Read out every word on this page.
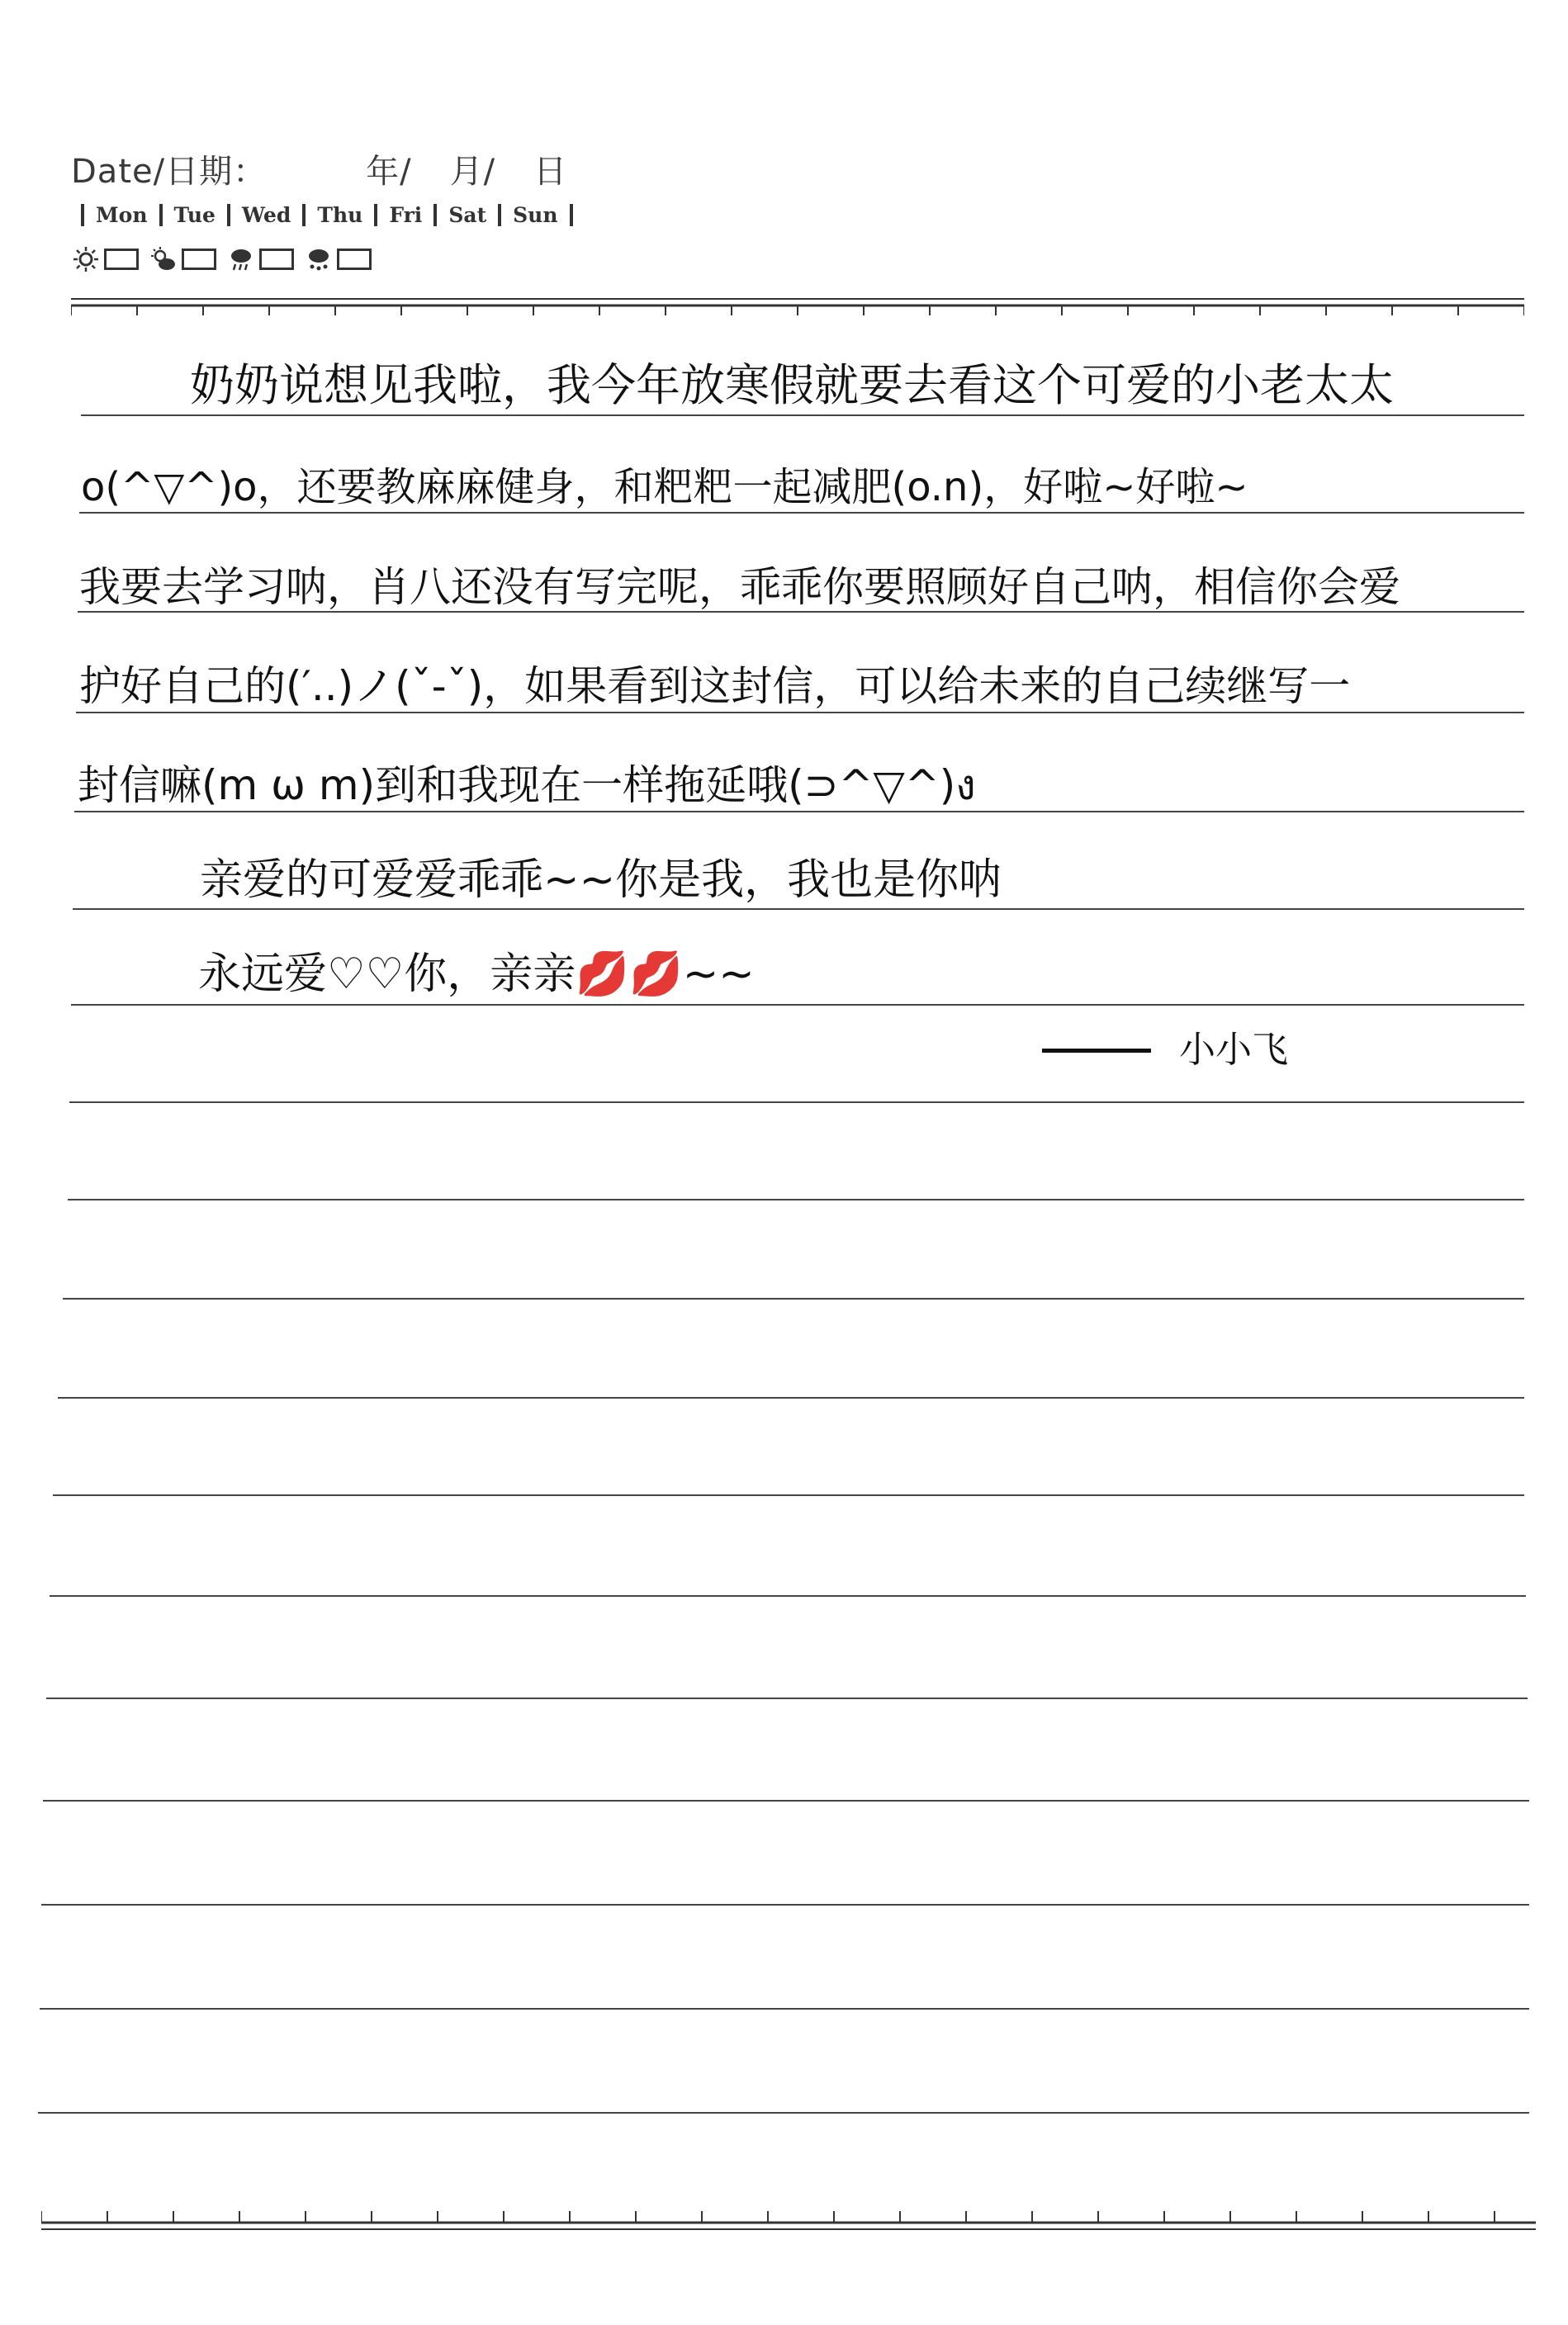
Date/日期：	年/ 月/ 日
Mon Tue Wed Thu Fri Sat Sun
奶奶说想见我啦，我今年放寒假就要去看这个可爱的小老太太
o(^▽^)o，还要教麻麻健身，和粑粑一起减肥(o.n)，好啦~好啦~
我要去学习呐，肖八还没有写完呢，乖乖你要照顾好自己呐，相信你会爱
护好自己的(′..)ノ(ˇ-ˇ)，如果看到这封信，可以给未来的自己续继写一
封信嘛(m ω m)到和我现在一样拖延哦(⊃^▽^)ง
亲爱的可爱爱乖乖~~你是我，我也是你呐
永远爱♡♡你，亲亲💋💋~~
小小飞
